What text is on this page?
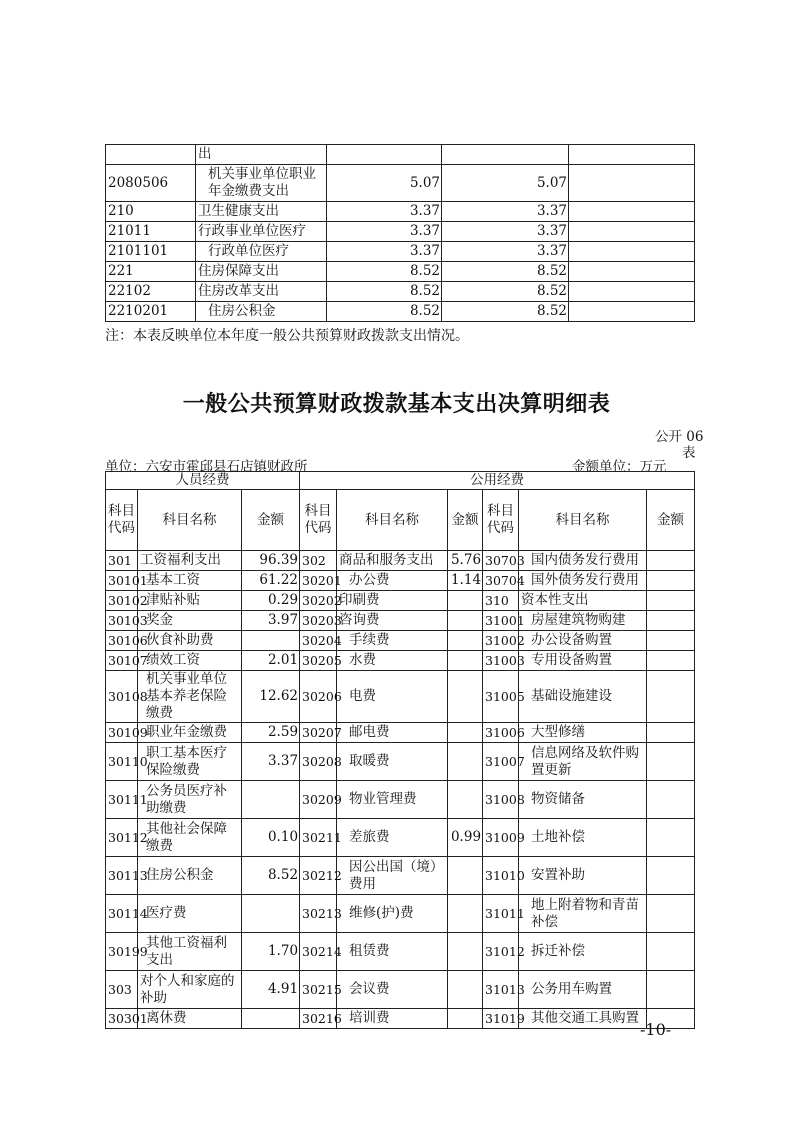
	出			
2080506	机关事业单位职业年金缴费支出	5.07	5.07	
210	卫生健康支出	3.37	3.37	
21011	行政事业单位医疗	3.37	3.37	
2101101	行政单位医疗	3.37	3.37	
221	住房保障支出	8.52	8.52	
22102	住房改革支出	8.52	8.52	
2210201	住房公积金	8.52	8.52	
注：本表反映单位本年度一般公共预算财政拨款支出情况。
一般公共预算财政拨款基本支出决算明细表
公开 06
表
单位：六安市霍邱县石店镇财政所	金额单位：万元
人员经费			公用经费					
科目代码	科目名称	金额	科目代码	科目名称	金额	科目代码	科目名称	金额
301	工资福利支出	96.39	302	商品和服务支出	5.76	30703	国内债务发行费用	
30101	基本工资	61.22	30201	办公费	1.14	30704	国外债务发行费用	
30102	津贴补贴	0.29	30202	印刷费		310	资本性支出	
30103	奖金	3.97	30203	咨询费		31001	房屋建筑物购建	
30106	伙食补助费		30204	手续费		31002	办公设备购置	
30107	绩效工资	2.01	30205	水费		31003	专用设备购置	
30108	机关事业单位基本养老保险缴费	12.62	30206	电费		31005	基础设施建设	
30109	职业年金缴费	2.59	30207	邮电费		31006	大型修缮	
30110	职工基本医疗保险缴费	3.37	30208	取暖费		31007	信息网络及软件购置更新	
30111	公务员医疗补助缴费		30209	物业管理费		31008	物资储备	
30112	其他社会保障缴费	0.10	30211	差旅费	0.99	31009	土地补偿	
30113	住房公积金	8.52	30212	因公出国（境）费用		31010	安置补助	
30114	医疗费		30213	维修(护)费		31011	地上附着物和青苗补偿	
30199	其他工资福利支出	1.70	30214	租赁费		31012	拆迁补偿	
303	对个人和家庭的补助	4.91	30215	会议费		31013	公务用车购置	
30301	离休费		30216	培训费		31019	其他交通工具购置	
-10-
